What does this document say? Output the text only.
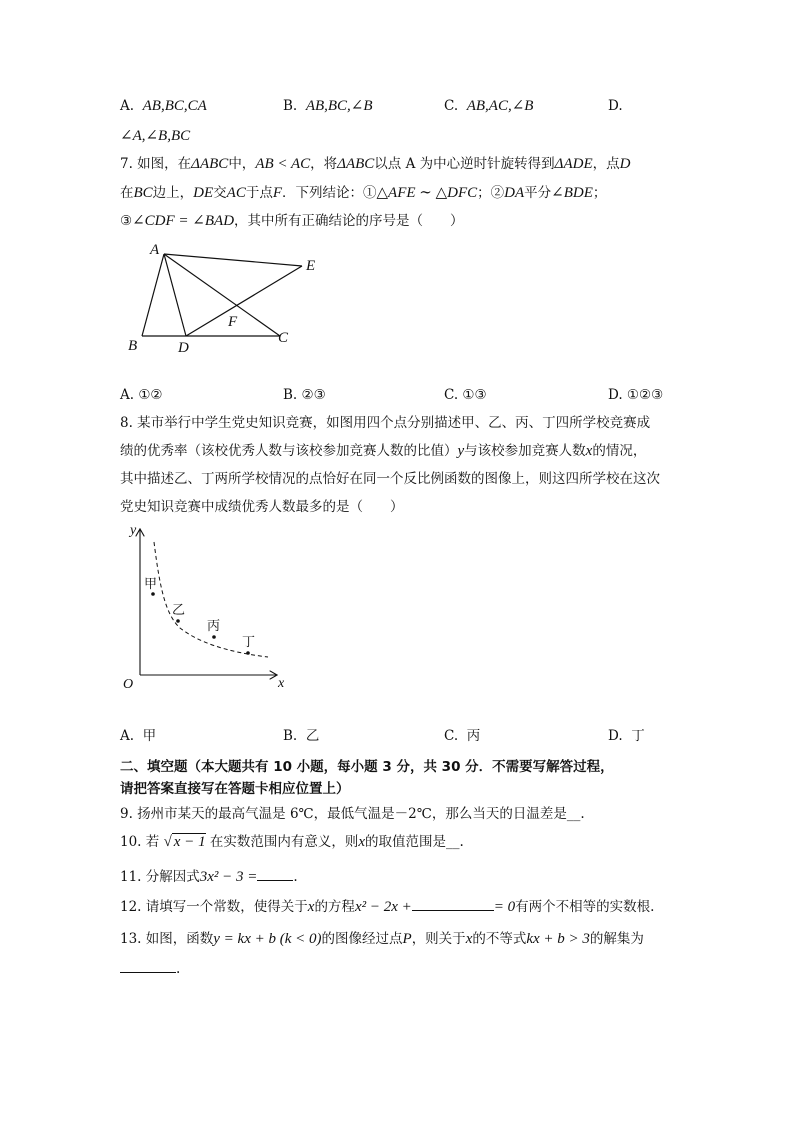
A. AB,BC,CA	B. AB,BC,∠B	C. AB,AC,∠B	D.
∠A,∠B,BC
7. 如图，在ΔABC中，AB < AC，将ΔABC以点 A 为中心逆时针旋转得到ΔADE，点D
在BC边上，DE交AC于点F．下列结论：①△AFE ∼ △DFC；②DA平分∠BDE；
③∠CDF = ∠BAD，其中所有正确结论的序号是（　　）
A
B	C
D
E
F
A. ①②	B. ②③	C. ①③	D. ①②③
8. 某市举行中学生党史知识竞赛，如图用四个点分别描述甲、乙、丙、丁四所学校竞赛成
绩的优秀率（该校优秀人数与该校参加竞赛人数的比值）y与该校参加竞赛人数x的情况，
其中描述乙、丁两所学校情况的点恰好在同一个反比例函数的图像上，则这四所学校在这次
党史知识竞赛中成绩优秀人数最多的是（　　）
y
x
O
甲
乙
丙
丁
A. 甲	B. 乙	C. 丙	D. 丁
二、填空题（本大题共有 10 小题，每小题 3 分，共 30 分．不需要写解答过程，
请把答案直接写在答题卡相应位置上）
9. 扬州市某天的最高气温是 6℃，最低气温是－2℃，那么当天的日温差是__.
10. 若 √ x − 1 在实数范围内有意义，则x的取值范围是__.
11. 分解因式3x² − 3 =	.
12. 请填写一个常数，使得关于x的方程x² − 2x +	= 0有两个不相等的实数根.
13. 如图，函数y = kx + b (k < 0)的图像经过点P，则关于x的不等式kx + b > 3的解集为
.
